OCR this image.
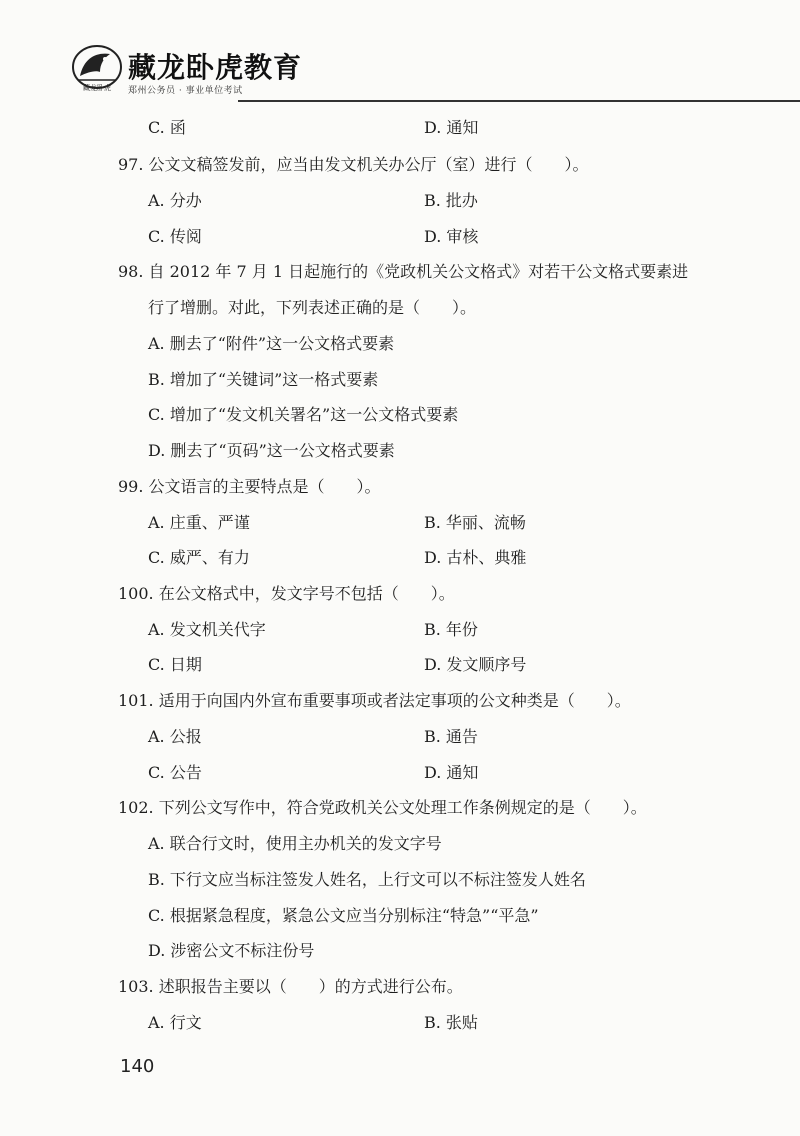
藏龙卧虎
藏龙卧虎教育
郑州公务员 · 事业单位考试
C. 函	D. 通知
97. 公文文稿签发前，应当由发文机关办公厅（室）进行（　　）。
A. 分办	B. 批办
C. 传阅	D. 审核
98. 自 2012 年 7 月 1 日起施行的《党政机关公文格式》对若干公文格式要素进
行了增删。对此，下列表述正确的是（　　）。
A. 删去了“附件”这一公文格式要素
B. 增加了“关键词”这一格式要素
C. 增加了“发文机关署名”这一公文格式要素
D. 删去了“页码”这一公文格式要素
99. 公文语言的主要特点是（　　）。
A. 庄重、严谨	B. 华丽、流畅
C. 威严、有力	D. 古朴、典雅
100. 在公文格式中，发文字号不包括（　　）。
A. 发文机关代字	B. 年份
C. 日期	D. 发文顺序号
101. 适用于向国内外宣布重要事项或者法定事项的公文种类是（　　）。
A. 公报	B. 通告
C. 公告	D. 通知
102. 下列公文写作中，符合党政机关公文处理工作条例规定的是（　　）。
A. 联合行文时，使用主办机关的发文字号
B. 下行文应当标注签发人姓名，上行文可以不标注签发人姓名
C. 根据紧急程度，紧急公文应当分别标注“特急”“平急”
D. 涉密公文不标注份号
103. 述职报告主要以（　　）的方式进行公布。
A. 行文	B. 张贴
140
